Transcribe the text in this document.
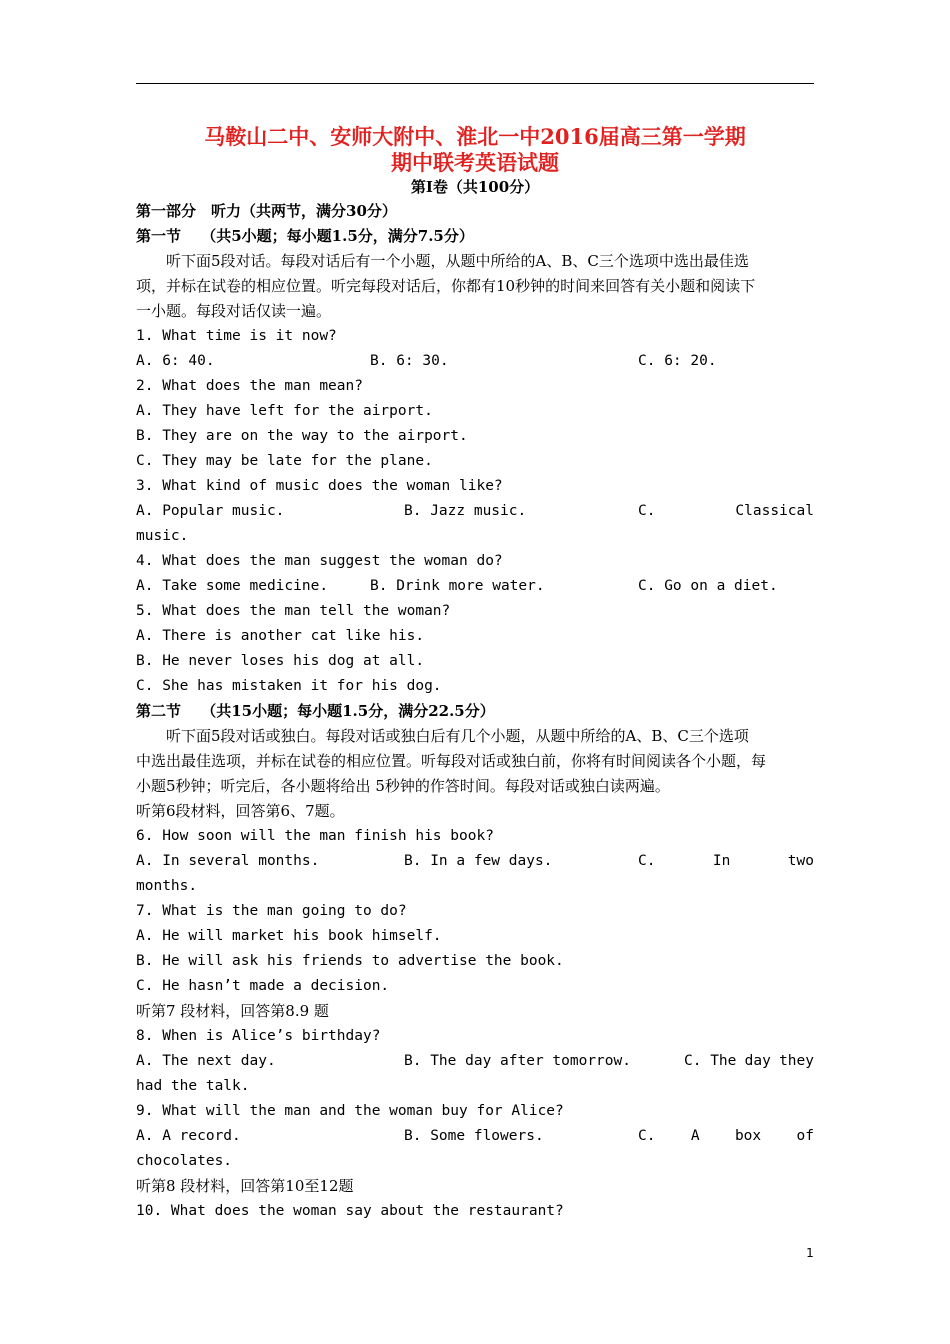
马鞍山二中、安师大附中、淮北一中2016届高三第一学期
期中联考英语试题
第Ⅰ卷（共100分）
第一部分　听力（共两节，满分30分）
第一节　 （共5小题；每小题1.5分，满分7.5分）
听下面5段对话。每段对话后有一个小题，从题中所给的A、B、C三个选项中选出最佳选
项，并标在试卷的相应位置。听完每段对话后，你都有10秒钟的时间来回答有关小题和阅读下
一小题。每段对话仅读一遍。
1. What time is it now?
A. 6: 40.	B. 6: 30.	C. 6: 20.
2. What does the man mean?
A. They have left for the airport.
B. They are on the way to the airport.
C. They may be late for the plane.
3. What kind of music does the woman like?
A. Popular music.	B. Jazz music.	C.	Classical
music.
4. What does the man suggest the woman do?
A. Take some medicine.	B. Drink more water.	C. Go on a diet.
5. What does the man tell the woman?
A. There is another cat like his.
B. He never loses his dog at all.
C. She has mistaken it for his dog.
第二节　 （共15小题；每小题1.5分，满分22.5分）
听下面5段对话或独白。每段对话或独白后有几个小题，从题中所给的A、B、C三个选项
中选出最佳选项，并标在试卷的相应位置。听每段对话或独白前，你将有时间阅读各个小题，每
小题5秒钟；听完后，各小题将给出 5秒钟的作答时间。每段对话或独白读两遍。
听第6段材料，回答第6、7题。
6. How soon will the man finish his book?
A. In several months.	B. In a few days.	C.	In	two
months.
7. What is the man going to do?
A. He will market his book himself.
B. He will ask his friends to advertise the book.
C. He hasn’t made a decision.
听第7 段材料，回答第8.9 题
8. When is Alice’s birthday?
A. The next day.	B. The day after tomorrow.	C. The day they
had the talk.
9. What will the man and the woman buy for Alice?
A. A record.	B. Some flowers.	C. A box of
chocolates.
听第8 段材料，回答第10至12题
10. What does the woman say about the restaurant?
1
